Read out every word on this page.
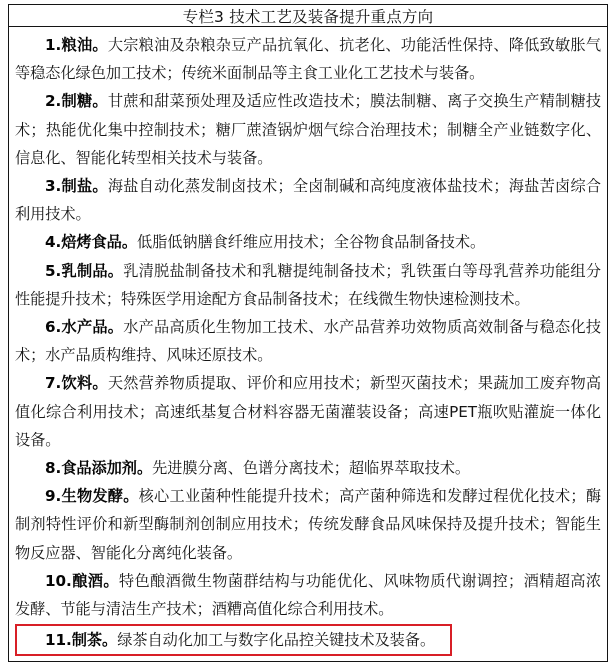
专栏3 技术工艺及装备提升重点方向

1.粮油。大宗粮油及杂粮杂豆产品抗氧化、抗老化、功能活性保持、降低致敏胀气等稳态化绿色加工技术；传统米面制品等主食工业化工艺技术与装备。

2.制糖。甘蔗和甜菜预处理及适应性改造技术；膜法制糖、离子交换生产精制糖技术；热能优化集中控制技术；糖厂蔗渣锅炉烟气综合治理技术；制糖全产业链数字化、信息化、智能化转型相关技术与装备。

3.制盐。海盐自动化蒸发制卤技术；全卤制碱和高纯度液体盐技术；海盐苦卤综合利用技术。

4.焙烤食品。低脂低钠膳食纤维应用技术；全谷物食品制备技术。

5.乳制品。乳清脱盐制备技术和乳糖提纯制备技术；乳铁蛋白等母乳营养功能组分性能提升技术；特殊医学用途配方食品制备技术；在线微生物快速检测技术。

6.水产品。水产品高质化生物加工技术、水产品营养功效物质高效制备与稳态化技术；水产品质构维持、风味还原技术。

7.饮料。天然营养物质提取、评价和应用技术；新型灭菌技术；果蔬加工废弃物高值化综合利用技术；高速纸基复合材料容器无菌灌装设备；高速PET瓶吹贴灌旋一体化设备。

8.食品添加剂。先进膜分离、色谱分离技术；超临界萃取技术。

9.生物发酵。核心工业菌种性能提升技术；高产菌种筛选和发酵过程优化技术；酶制剂特性评价和新型酶制剂创制应用技术；传统发酵食品风味保持及提升技术；智能生物反应器、智能化分离纯化装备。

10.酿酒。特色酿酒微生物菌群结构与功能优化、风味物质代谢调控；酒精超高浓发酵、节能与清洁生产技术；酒糟高值化综合利用技术。

11.制茶。绿茶自动化加工与数字化品控关键技术及装备。
